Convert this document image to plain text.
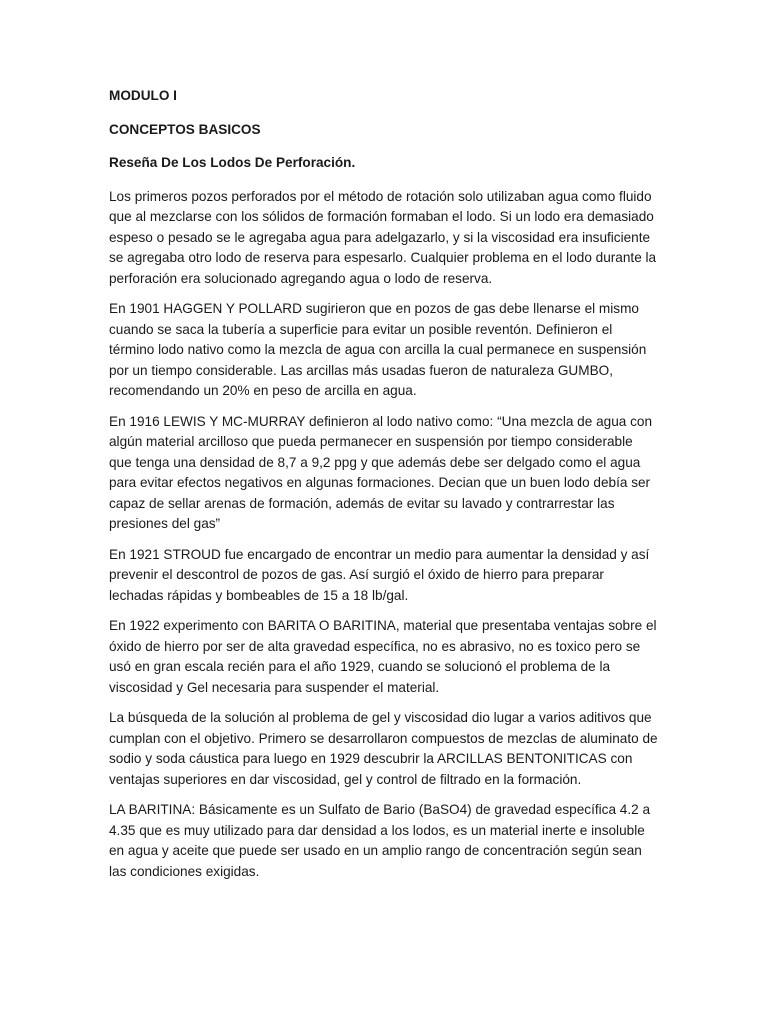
MODULO I
CONCEPTOS BASICOS
Reseña De Los Lodos De Perforación.

Los primeros pozos perforados por el método de rotación solo utilizaban agua como fluido que al mezclarse con los sólidos de formación formaban el lodo. Si un lodo era demasiado espeso o pesado se le agregaba agua para adelgazarlo, y si la viscosidad era insuficiente se agregaba otro lodo de reserva para espesarlo. Cualquier problema en el lodo durante la perforación era solucionado agregando agua o lodo de reserva.

En 1901 HAGGEN Y POLLARD sugirieron que en pozos de gas debe llenarse el mismo cuando se saca la tubería a superficie para evitar un posible reventón. Definieron el término lodo nativo como la mezcla de agua con arcilla la cual permanece en suspensión por un tiempo considerable. Las arcillas más usadas fueron de naturaleza GUMBO, recomendando un 20% en peso de arcilla en agua.

En 1916 LEWIS Y MC-MURRAY definieron al lodo nativo como: “Una mezcla de agua con algún material arcilloso que pueda permanecer en suspensión por tiempo considerable que tenga una densidad de 8,7 a 9,2 ppg y que además debe ser delgado como el agua para evitar efectos negativos en algunas formaciones. Decian que un buen lodo debía ser capaz de sellar arenas de formación, además de evitar su lavado y contrarrestar las presiones del gas”

En 1921 STROUD fue encargado de encontrar un medio para aumentar la densidad y así prevenir el descontrol de pozos de gas. Así surgió el óxido de hierro para preparar lechadas rápidas y bombeables de 15 a 18 lb/gal.

En 1922 experimento con BARITA O BARITINA, material que presentaba ventajas sobre el óxido de hierro por ser de alta gravedad específica, no es abrasivo, no es toxico pero se usó en gran escala recién para el año 1929, cuando se solucionó el problema de la viscosidad y Gel necesaria para suspender el material.

La búsqueda de la solución al problema de gel y viscosidad dio lugar a varios aditivos que cumplan con el objetivo. Primero se desarrollaron compuestos de mezclas de aluminato de sodio y soda cáustica para luego en 1929 descubrir la ARCILLAS BENTONITICAS con ventajas superiores en dar viscosidad, gel y control de filtrado en la formación.

LA BARITINA: Básicamente es un Sulfato de Bario (BaSO4) de gravedad específica 4.2 a 4.35 que es muy utilizado para dar densidad a los lodos, es un material inerte e insoluble en agua y aceite que puede ser usado en un amplio rango de concentración según sean las condiciones exigidas.
